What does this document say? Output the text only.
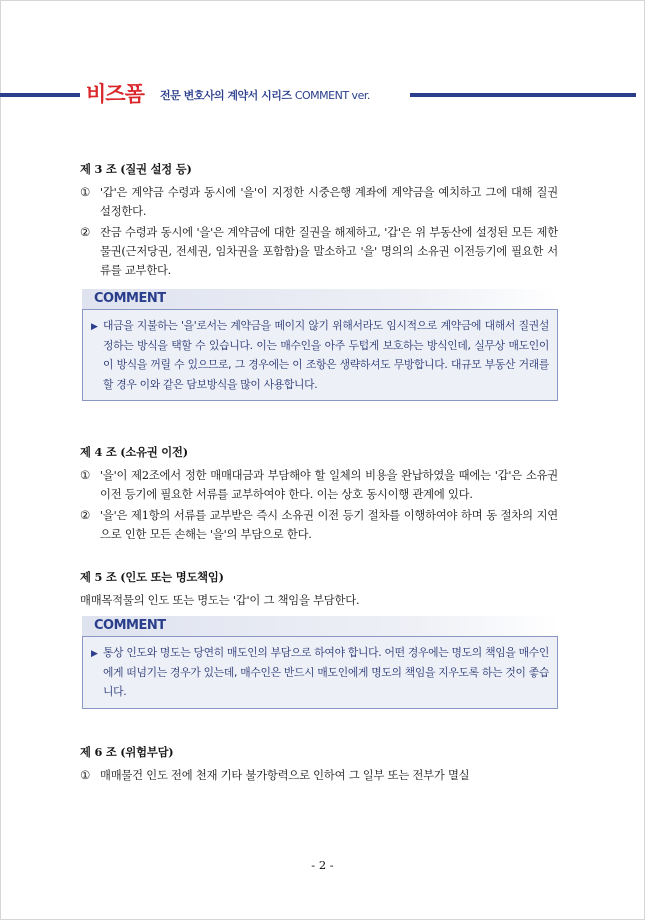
비즈폼 전문 변호사의 계약서 시리즈 COMMENT ver.

제 3 조 (질권 설정 등)

① '갑'은 계약금 수령과 동시에 '을'이 지정한 시중은행 계좌에 계약금을 예치하고 그에 대해 질권설정한다.

② 잔금 수령과 동시에 '을'은 계약금에 대한 질권을 해제하고, '갑'은 위 부동산에 설정된 모든 제한물권(근저당권, 전세권, 임차권을 포함함)을 말소하고 '을' 명의의 소유권 이전등기에 필요한 서류를 교부한다.

COMMENT
▶ 대금을 지불하는 '을'로서는 계약금을 떼이지 않기 위해서라도 임시적으로 계약금에 대해서 질권설정하는 방식을 택할 수 있습니다. 이는 매수인을 아주 두텁게 보호하는 방식인데, 실무상 매도인이 이 방식을 꺼릴 수 있으므로, 그 경우에는 이 조항은 생략하셔도 무방합니다. 대규모 부동산 거래를 할 경우 이와 같은 담보방식을 많이 사용합니다.

제 4 조 (소유권 이전)

① '을'이 제2조에서 정한 매매대금과 부담해야 할 일체의 비용을 완납하였을 때에는 '갑'은 소유권 이전 등기에 필요한 서류를 교부하여야 한다. 이는 상호 동시이행 관계에 있다.

② '을'은 제1항의 서류를 교부받은 즉시 소유권 이전 등기 절차를 이행하여야 하며 동 절차의 지연으로 인한 모든 손해는 '을'의 부담으로 한다.

제 5 조 (인도 또는 명도책임)

매매목적물의 인도 또는 명도는 '갑'이 그 책임을 부담한다.

COMMENT
▶ 통상 인도와 명도는 당연히 매도인의 부담으로 하여야 합니다. 어떤 경우에는 명도의 책임을 매수인에게 떠넘기는 경우가 있는데, 매수인은 반드시 매도인에게 명도의 책임을 지우도록 하는 것이 좋습니다.

제 6 조 (위험부담)

① 매매물건 인도 전에 천재 기타 불가항력으로 인하여 그 일부 또는 전부가 멸실

- 2 -
